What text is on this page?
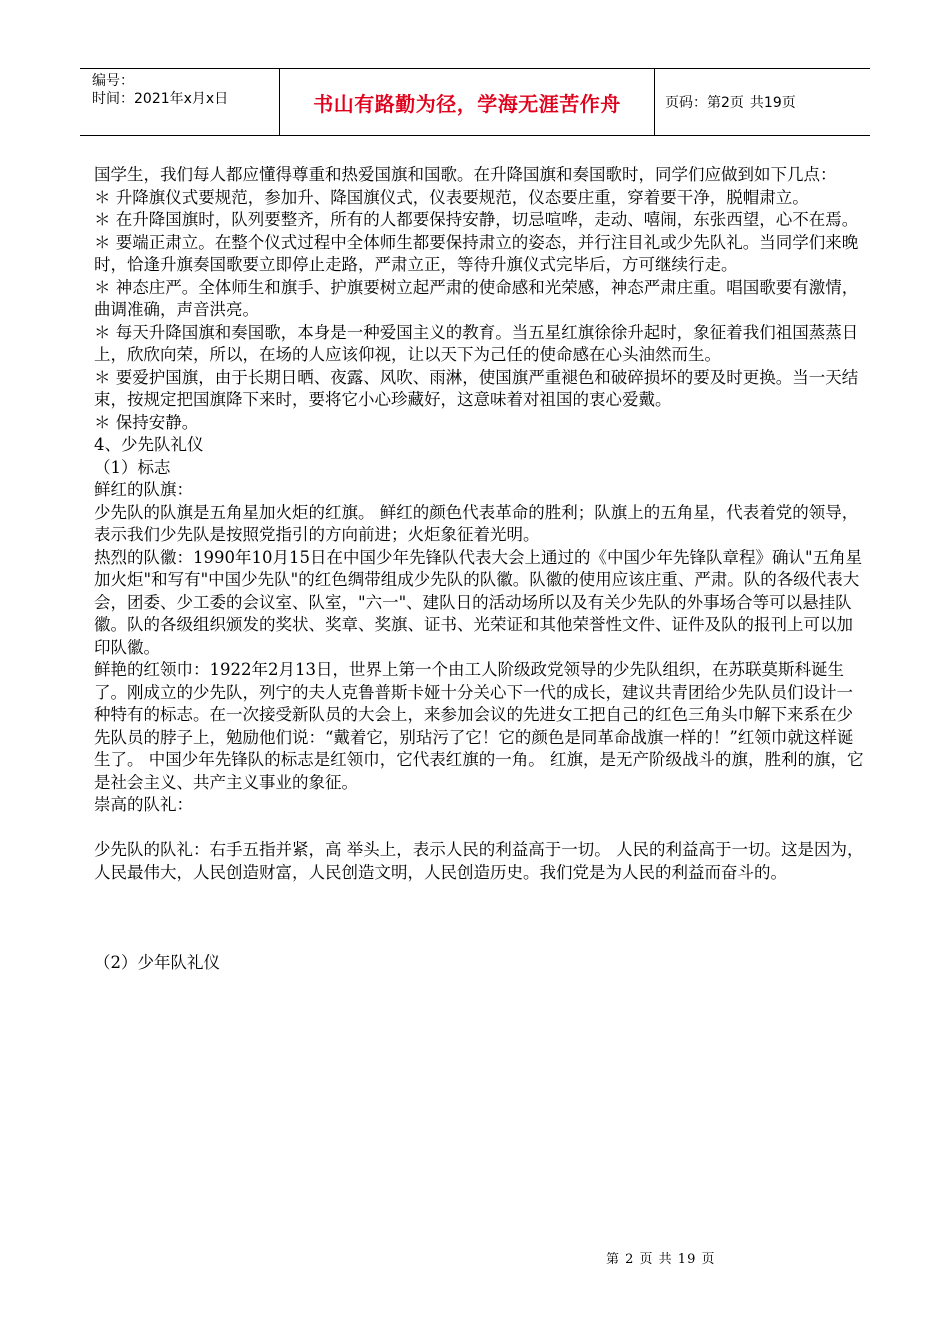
编号：
时间：2021年x月x日	书山有路勤为径，学海无涯苦作舟	页码：第2页 共19页

国学生，我们每人都应懂得尊重和热爱国旗和国歌。在升降国旗和奏国歌时，同学们应做到如下几点：

＊ 升降旗仪式要规范，参加升、降国旗仪式，仪表要规范，仪态要庄重，穿着要干净，脱帽肃立。

＊ 在升降国旗时，队列要整齐，所有的人都要保持安静，切忌喧哗，走动、嘻闹，东张西望，心不在焉。

＊ 要端正肃立。在整个仪式过程中全体师生都要保持肃立的姿态，并行注目礼或少先队礼。当同学们来晚时，恰逢升旗奏国歌要立即停止走路，严肃立正，等待升旗仪式完毕后，方可继续行走。

＊ 神态庄严。全体师生和旗手、护旗要树立起严肃的使命感和光荣感，神态严肃庄重。唱国歌要有激情，曲调准确，声音洪亮。

＊ 每天升降国旗和奏国歌，本身是一种爱国主义的教育。当五星红旗徐徐升起时，象征着我们祖国蒸蒸日上，欣欣向荣，所以，在场的人应该仰视，让以天下为己任的使命感在心头油然而生。

＊ 要爱护国旗，由于长期日晒、夜露、风吹、雨淋，使国旗严重褪色和破碎损坏的要及时更换。当一天结束，按规定把国旗降下来时，要将它小心珍藏好，这意味着对祖国的衷心爱戴。

＊ 保持安静。

4、少先队礼仪

（1）标志

鲜红的队旗：

少先队的队旗是五角星加火炬的红旗。 鲜红的颜色代表革命的胜利；队旗上的五角星，代表着党的领导，表示我们少先队是按照党指引的方向前进；火炬象征着光明。

热烈的队徽：1990年10月15日在中国少年先锋队代表大会上通过的《中国少年先锋队章程》确认"五角星加火炬"和写有"中国少先队"的红色绸带组成少先队的队徽。队徽的使用应该庄重、严肃。队的各级代表大会，团委、少工委的会议室、队室，"六一"、建队日的活动场所以及有关少先队的外事场合等可以悬挂队徽。队的各级组织颁发的奖状、奖章、奖旗、证书、光荣证和其他荣誉性文件、证件及队的报刊上可以加印队徽。

鲜艳的红领巾：1922年2月13日，世界上第一个由工人阶级政党领导的少先队组织，在苏联莫斯科诞生了。刚成立的少先队，列宁的夫人克鲁普斯卡娅十分关心下一代的成长，建议共青团给少先队员们设计一种特有的标志。在一次接受新队员的大会上，来参加会议的先进女工把自己的红色三角头巾解下来系在少先队员的脖子上，勉励他们说：“戴着它，别玷污了它！它的颜色是同革命战旗一样的！”红领巾就这样诞生了。 中国少年先锋队的标志是红领巾，它代表红旗的一角。 红旗，是无产阶级战斗的旗，胜利的旗，它是社会主义、共产主义事业的象征。

崇高的队礼：

少先队的队礼：右手五指并紧，高 举头上，表示人民的利益高于一切。 人民的利益高于一切。这是因为，人民最伟大，人民创造财富，人民创造文明，人民创造历史。我们党是为人民的利益而奋斗的。

（2）少年队礼仪

第 2 页 共 19 页
